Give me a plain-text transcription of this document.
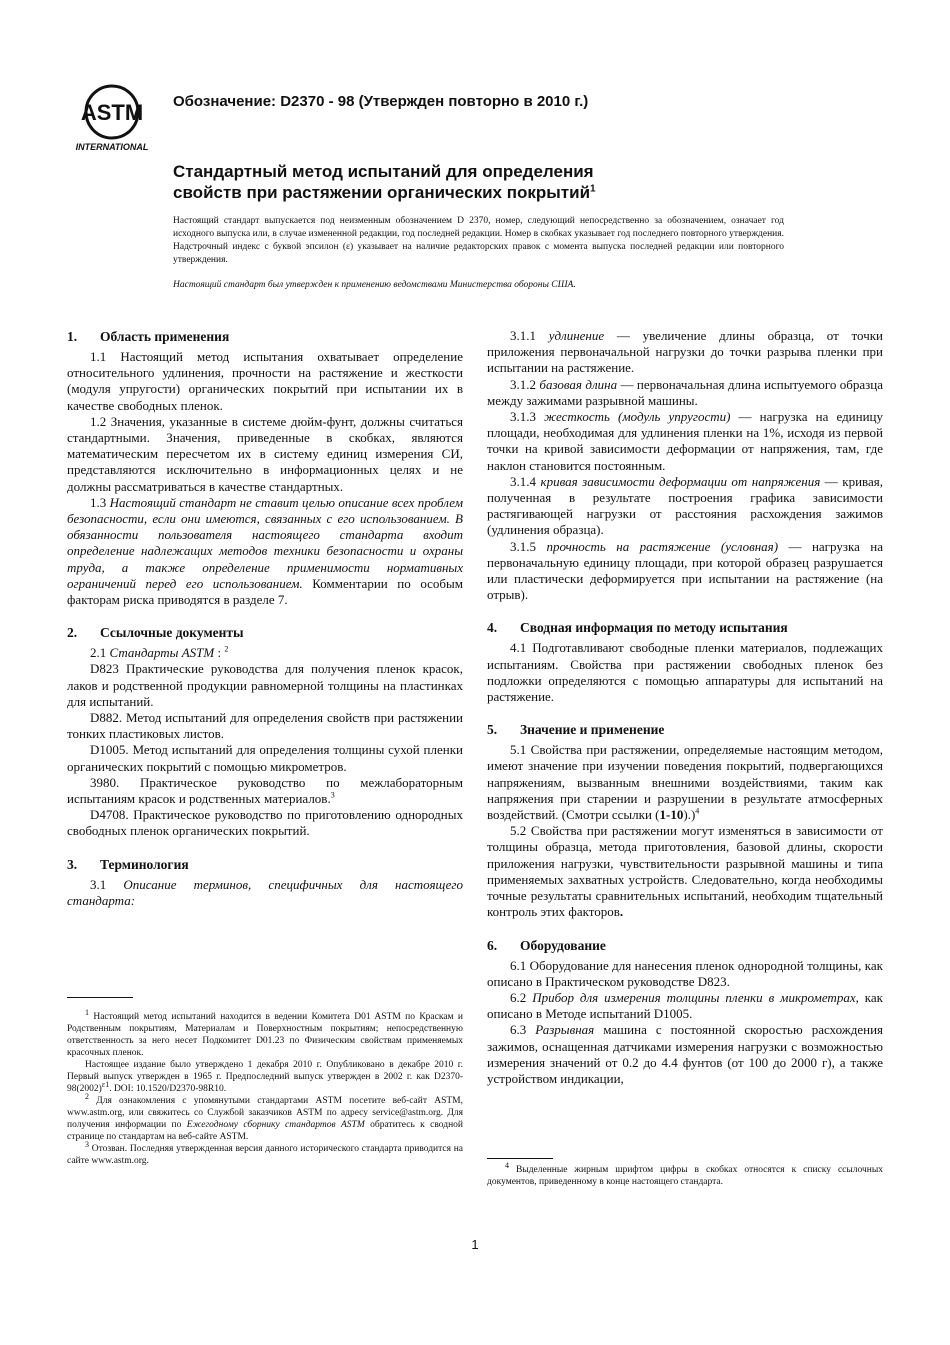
ASTM
INTERNATIONAL
Обозначение: D2370 - 98 (Утвержден повторно в 2010 г.)
Стандартный метод испытаний для определения
свойств при растяжении органических покрытий$^1$
Настоящий стандарт выпускается под неизменным обозначением D 2370, номер, следующий непосредственно за обозначением, означает год исходного выпуска или, в случае измененной редакции, год последней редакции. Номер в скобках указывает год последнего повторного утверждения. Надстрочный индекс с буквой эпсилон (ε) указывает на наличие редакторских правок с момента выпуска последней редакции или повторного утверждения.
Настоящий стандарт был утвержден к применению ведомствами Министерства обороны США.
1. Область применения

1.1 Настоящий метод испытания охватывает определение относительного удлинения, прочности на растяжение и жесткости (модуля упругости) органических покрытий при испытании их в качестве свободных пленок.

1.2 Значения, указанные в системе дюйм-фунт, должны считаться стандартными. Значения, приведенные в скобках, являются математическим пересчетом их в систему единиц измерения СИ, представляются исключительно в информационных целях и не должны рассматриваться в качестве стандартных.

1.3 Настоящий стандарт не ставит целью описание всех проблем безопасности, если они имеются, связанных с его использованием. В обязанности пользователя настоящего стандарта входит определение надлежащих методов техники безопасности и охраны труда, а также определение применимости нормативных ограничений перед его использованием. Комментарии по особым факторам риска приводятся в разделе 7.

2. Ссылочные документы

2.1 Стандарты ASTM : $^2$

D823 Практические руководства для получения пленок красок, лаков и родственной продукции равномерной толщины на пластинках для испытаний.

D882. Метод испытаний для определения свойств при растяжении тонких пластиковых листов.

D1005. Метод испытаний для определения толщины сухой пленки органических покрытий с помощью микрометров.

3980. Практическое руководство по межлабораторным испытаниям красок и родственных материалов.$^3$

D4708. Практическое руководство по приготовлению однородных свободных пленок органических покрытий.

3. Терминология

3.1 Описание терминов, специфичных для настоящего стандарта:

$^1$ Настоящий метод испытаний находится в ведении Комитета D01 ASTM по Краскам и Родственным покрытиям, Материалам и Поверхностным покрытиям; непосредственную ответственность за него несет Подкомитет D01.23 по Физическим свойствам применяемых красочных пленок.

Настоящее издание было утверждено 1 декабря 2010 г. Опубликовано в декабре 2010 г. Первый выпуск утвержден в 1965 г. Предпоследний выпуск утвержден в 2002 г. как $D2370-98(2002)^{\varepsilon 1}$. DOI: 10.1520/D2370-98R10.

$^2$ Для ознакомления с упомянутыми стандартами ASTM посетите веб-сайт ASTM, www.astm.org, или свяжитесь со Службой заказчиков ASTM по адресу service@astm.org. Для получения информации по Ежегодному сборнику стандартов ASTM обратитесь к сводной странице по стандартам на веб-сайте ASTM.

$^3$ Отозван. Последняя утвержденная версия данного исторического стандарта приводится на сайте www.astm.org.

3.1.1 удлинение — увеличение длины образца, от точки приложения первоначальной нагрузки до точки разрыва пленки при испытании на растяжение.

3.1.2 базовая длина — первоначальная длина испытуемого образца между зажимами разрывной машины.

3.1.3 жесткость (модуль упругости) — нагрузка на единицу площади, необходимая для удлинения пленки на 1%, исходя из первой точки на кривой зависимости деформации от напряжения, там, где наклон становится постоянным.

3.1.4 кривая зависимости деформации от напряжения — кривая, полученная в результате построения графика зависимости растягивающей нагрузки от расстояния расхождения зажимов (удлинения образца).

3.1.5 прочность на растяжение (условная) — нагрузка на первоначальную единицу площади, при которой образец разрушается или пластически деформируется при испытании на растяжение (на отрыв).

4. Сводная информация по методу испытания

4.1 Подготавливают свободные пленки материалов, подлежащих испытаниям. Свойства при растяжении свободных пленок без подложки определяются с помощью аппаратуры для испытаний на растяжение.

5. Значение и применение

5.1 Свойства при растяжении, определяемые настоящим методом, имеют значение при изучении поведения покрытий, подвергающихся напряжениям, вызванным внешними воздействиями, таким как напряжения при старении и разрушении в результате атмосферных воздействий. (Смотри ссылки (1-10).)$^4$

5.2 Свойства при растяжении могут изменяться в зависимости от толщины образца, метода приготовления, базовой длины, скорости приложения нагрузки, чувствительности разрывной машины и типа применяемых захватных устройств. Следовательно, когда необходимы точные результаты сравнительных испытаний, необходим тщательный контроль этих факторов.

6. Оборудование

6.1 Оборудование для нанесения пленок однородной толщины, как описано в Практическом руководстве D823.

6.2 Прибор для измерения толщины пленки в микрометрах, как описано в Методе испытаний D1005.

6.3 Разрывная машина с постоянной скоростью расхождения зажимов, оснащенная датчиками измерения нагрузки с возможностью измерения значений от 0.2 до 4.4 фунтов (от 100 до 2000 г), а также устройством индикации,

$^4$ Выделенные жирным шрифтом цифры в скобках относятся к списку ссылочных документов, приведенному в конце настоящего стандарта.

1
